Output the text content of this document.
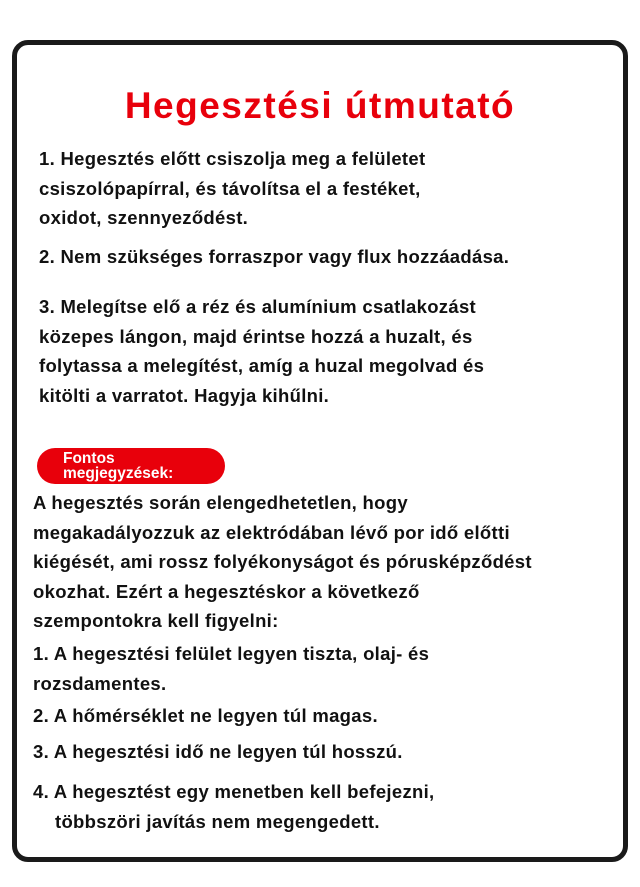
Hegesztési útmutató
1. Hegesztés előtt csiszolja meg a felületet
csiszolópapírral, és távolítsa el a festéket,
oxidot, szennyeződést.
2. Nem szükséges forraszpor vagy flux hozzáadása.
3. Melegítse elő a réz és alumínium csatlakozást
közepes lángon, majd érintse hozzá a huzalt, és
folytassa a melegítést, amíg a huzal megolvad és
kitölti a varratot. Hagyja kihűlni.
Fontos
megjegyzések:
A hegesztés során elengedhetetlen, hogy
megakadályozzuk az elektródában lévő por idő előtti
kiégését, ami rossz folyékonyságot és pórusképződést
okozhat. Ezért a hegesztéskor a következő
szempontokra kell figyelni:
1. A hegesztési felület legyen tiszta, olaj- és
rozsdamentes.
2. A hőmérséklet ne legyen túl magas.
3. A hegesztési idő ne legyen túl hosszú.
4. A hegesztést egy menetben kell befejezni,
többszöri javítás nem megengedett.
